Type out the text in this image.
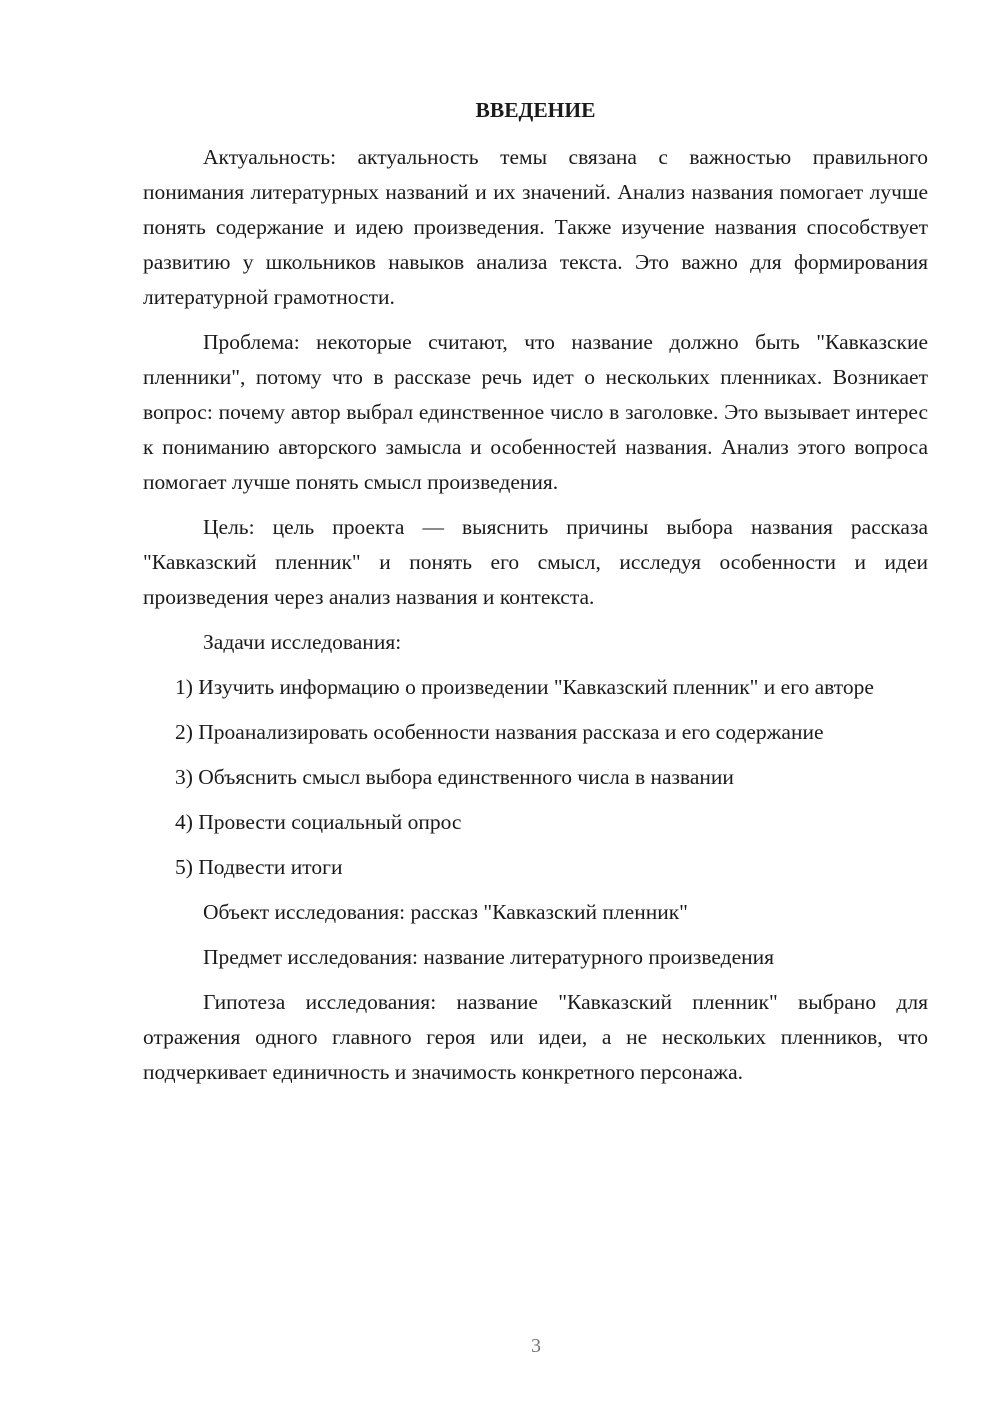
ВВЕДЕНИЕ

Актуальность: актуальность темы связана с важностью правильного понимания литературных названий и их значений. Анализ названия помогает лучше понять содержание и идею произведения. Также изучение названия способствует развитию у школьников навыков анализа текста. Это важно для формирования литературной грамотности.

Проблема: некоторые считают, что название должно быть "Кавказские пленники", потому что в рассказе речь идет о нескольких пленниках. Возникает вопрос: почему автор выбрал единственное число в заголовке. Это вызывает интерес к пониманию авторского замысла и особенностей названия. Анализ этого вопроса помогает лучше понять смысл произведения.

Цель: цель проекта — выяснить причины выбора названия рассказа "Кавказский пленник" и понять его смысл, исследуя особенности и идеи произведения через анализ названия и контекста.

Задачи исследования:

1) Изучить информацию о произведении "Кавказский пленник" и его авторе

2) Проанализировать особенности названия рассказа и его содержание

3) Объяснить смысл выбора единственного числа в названии

4) Провести социальный опрос

5) Подвести итоги

Объект исследования: рассказ "Кавказский пленник"

Предмет исследования: название литературного произведения

Гипотеза исследования: название "Кавказский пленник" выбрано для отражения одного главного героя или идеи, а не нескольких пленников, что подчеркивает единичность и значимость конкретного персонажа.

3
